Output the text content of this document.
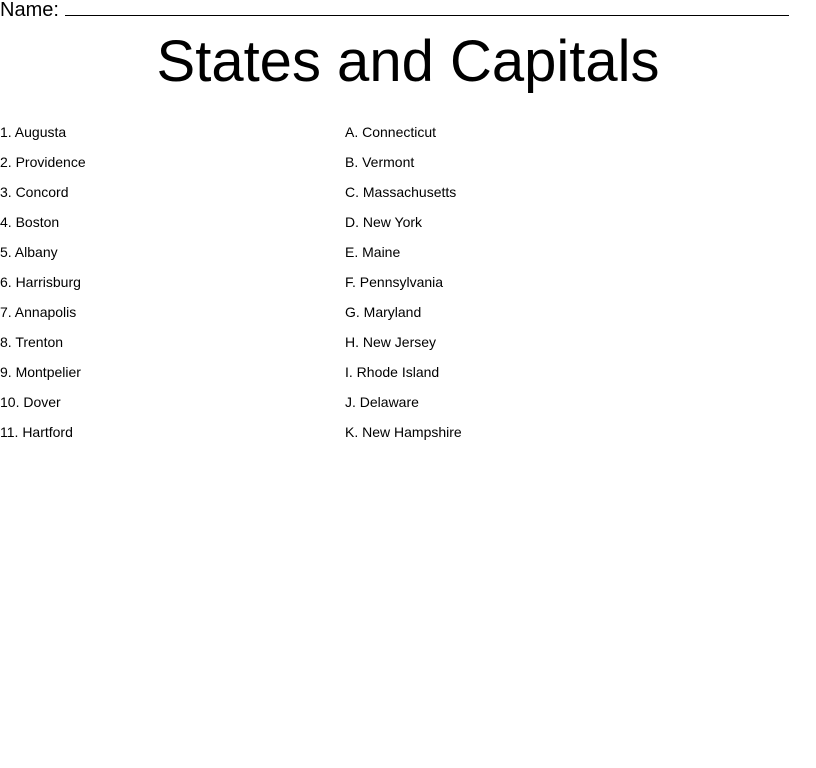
Name:
States and Capitals
1. Augusta
2. Providence
3. Concord
4. Boston
5. Albany
6. Harrisburg
7. Annapolis
8. Trenton
9. Montpelier
10. Dover
11. Hartford
A. Connecticut
B. Vermont
C. Massachusetts
D. New York
E. Maine
F. Pennsylvania
G. Maryland
H. New Jersey
I. Rhode Island
J. Delaware
K. New Hampshire
